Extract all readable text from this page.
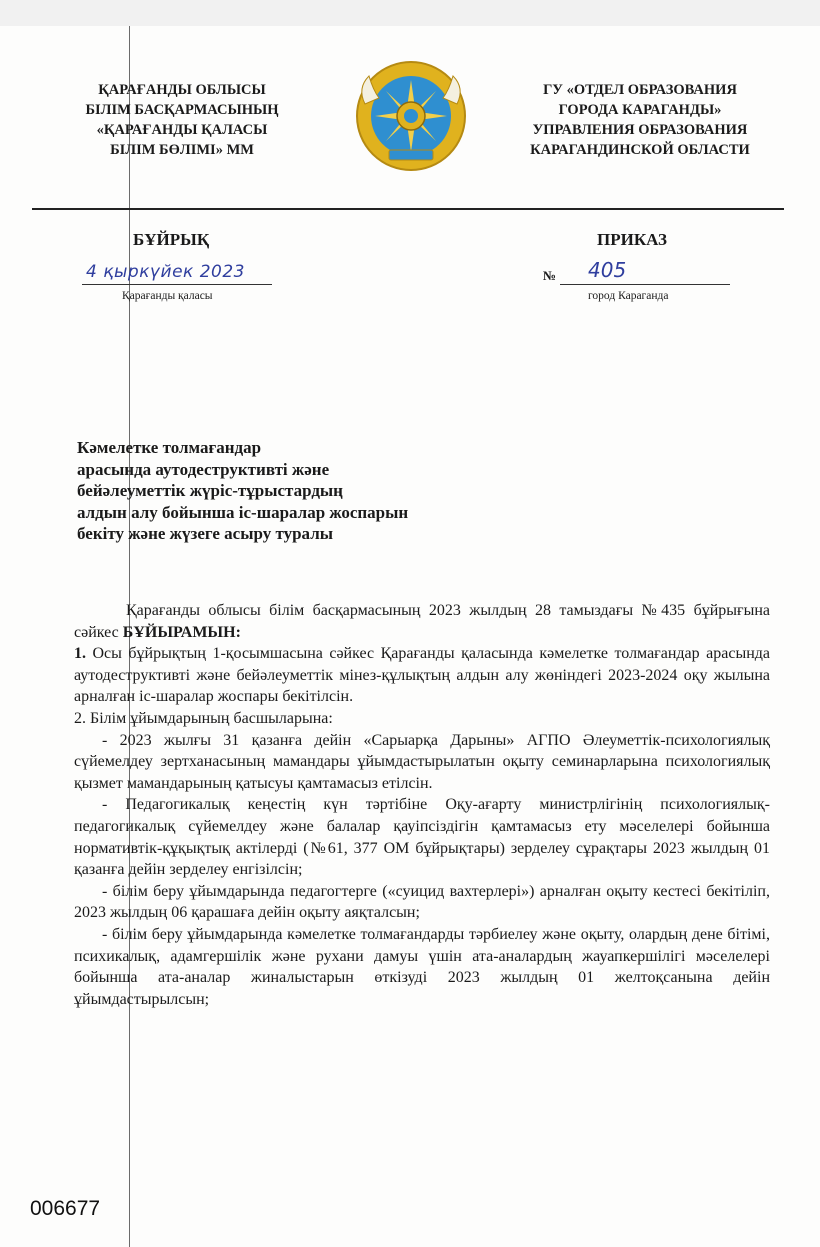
ҚАРАҒАНДЫ ОБЛЫСЫ
БІЛІМ БАСҚАРМАСЫНЫҢ
«ҚАРАҒАНДЫ ҚАЛАСЫ
БІЛІМ БӨЛІМІ» ММ
ГУ «ОТДЕЛ ОБРАЗОВАНИЯ
ГОРОДА КАРАГАНДЫ»
УПРАВЛЕНИЯ ОБРАЗОВАНИЯ
КАРАГАНДИНСКОЙ ОБЛАСТИ
БҰЙРЫҚ	ПРИКАЗ
4 қыркүйек 2023
Қарағанды қаласы
№ 405
город Караганда
Кәмелетке толмағандар
арасында аутодеструктивті және
бейәлеуметтік жүріс-тұрыстардың
алдын алу бойынша іс-шаралар жоспарын
бекіту және жүзеге асыру туралы

Қарағанды облысы білім басқармасының 2023 жылдың 28 тамыздағы №435 бұйрығына сәйкес БҰЙЫРАМЫН:

1. Осы бұйрықтың 1-қосымшасына сәйкес Қарағанды қаласында кәмелетке толмағандар арасында аутодеструктивті және бейәлеуметтік мінез-құлықтың алдын алу жөніндегі 2023-2024 оқу жылына арналған іс-шаралар жоспары бекітілсін.

2. Білім ұйымдарының басшыларына:

- 2023 жылғы 31 қазанға дейін «Сарыарқа Дарыны» АГПО Әлеуметтік-психологиялық сүйемелдеу зертханасының мамандары ұйымдастырылатын оқыту семинарларына психологиялық қызмет мамандарының қатысуы қамтамасыз етілсін.

- Педагогикалық кеңестің күн тәртібіне Оқу-ағарту министрлігінің психологиялық-педагогикалық сүйемелдеу және балалар қауіпсіздігін қамтамасыз ету мәселелері бойынша нормативтік-құқықтық актілерді (№61, 377 ОМ бұйрықтары) зерделеу сұрақтары 2023 жылдың 01 қазанға дейін зерделеу енгізілсін;

- білім беру ұйымдарында педагогтерге («суицид вахтерлері») арналған оқыту кестесі бекітіліп, 2023 жылдың 06 қарашаға дейін оқыту аяқталсын;

- білім беру ұйымдарында кәмелетке толмағандарды тәрбиелеу және оқыту, олардың дене бітімі, психикалық, адамгершілік және рухани дамуы үшін ата-аналардың жауапкершілігі мәселелері бойынша ата-аналар жиналыстарын өткізуді 2023 жылдың 01 желтоқсанына дейін ұйымдастырылсын;

006677
